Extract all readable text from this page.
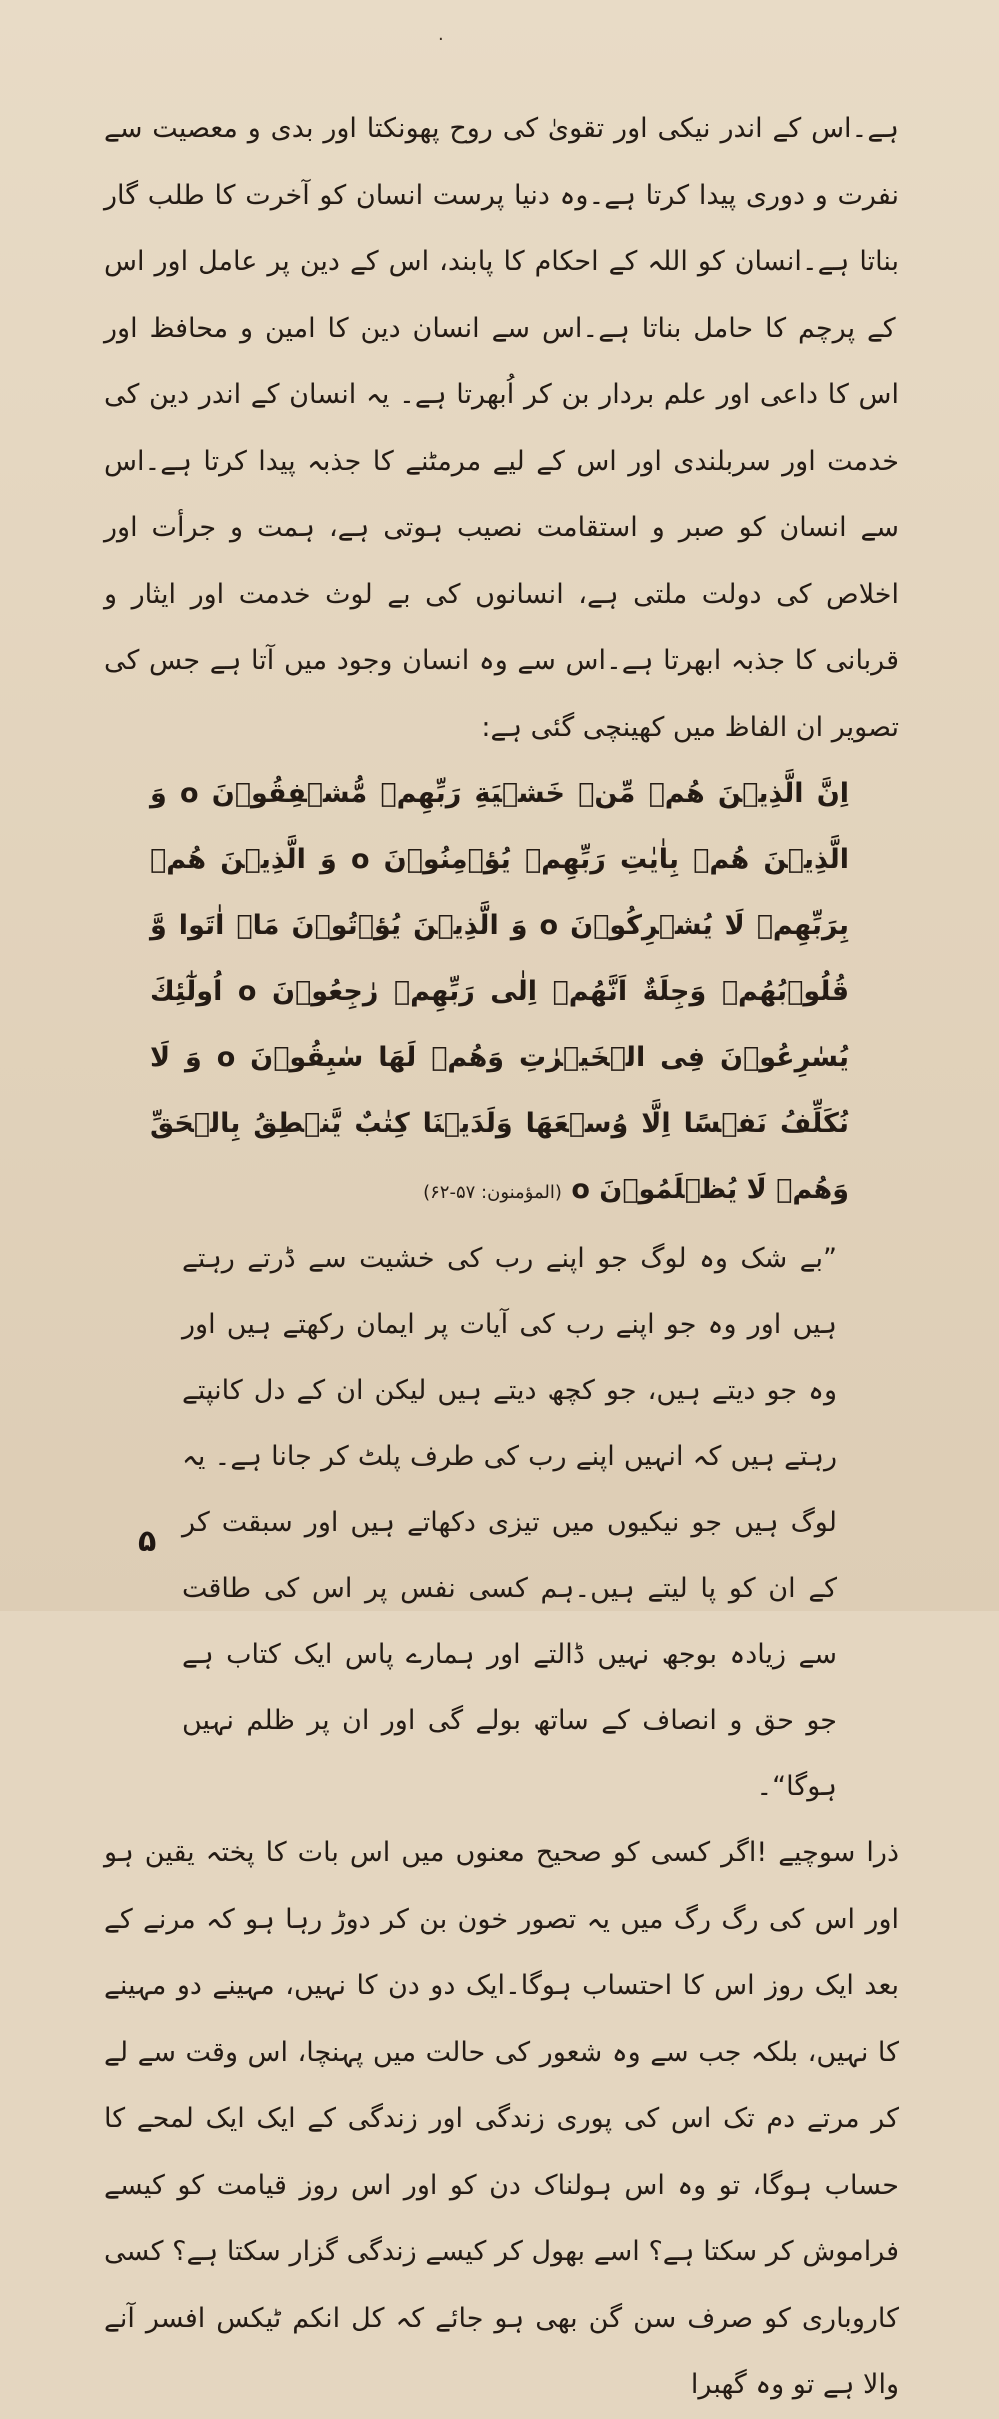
.

ہے۔اس کے اندر نیکی اور تقویٰ کی روح پھونکتا اور بدی و معصیت سے نفرت و دوری پیدا کرتا ہے۔وہ دنیا پرست انسان کو آخرت کا طلب گار بناتا ہے۔انسان کو اللہ کے احکام کا پابند، اس کے دین پر عامل اور اس کے پرچم کا حامل بناتا ہے۔اس سے انسان دین کا امین و محافظ اور اس کا داعی اور علم بردار بن کر اُبھرتا ہے۔ یہ انسان کے اندر دین کی خدمت اور سربلندی اور اس کے لیے مرمٹنے کا جذبہ پیدا کرتا ہے۔اس سے انسان کو صبر و استقامت نصیب ہوتی ہے، ہمت و جرأت اور اخلاص کی دولت ملتی ہے، انسانوں کی بے لوث خدمت اور ایثار و قربانی کا جذبہ ابھرتا ہے۔اس سے وہ انسان وجود میں آتا ہے جس کی تصویر ان الفاظ میں کھینچی گئی ہے:

اِنَّ الَّذِیۡنَ هُمۡ مِّنۡ خَشۡیَةِ رَبِّهِمۡ مُّشۡفِقُوۡنَ o وَ الَّذِیۡنَ هُمۡ بِاٰیٰتِ رَبِّهِمۡ یُؤۡمِنُوۡنَ o وَ الَّذِیۡنَ هُمۡ بِرَبِّهِمۡ لَا یُشۡرِكُوۡنَ o وَ الَّذِیۡنَ یُؤۡتُوۡنَ مَاۤ اٰتَوا وَّ قُلُوۡبُهُمۡ وَجِلَةٌ اَنَّهُمۡ اِلٰی رَبِّهِمۡ رٰجِعُوۡنَ o اُولٰٓئِكَ یُسٰرِعُوۡنَ فِی الۡخَیۡرٰتِ وَهُمۡ لَهَا سٰبِقُوۡنَ o وَ لَا نُكَلِّفُ نَفۡسًا اِلَّا وُسۡعَهَا وَلَدَیۡنَا كِتٰبٌ یَّنۡطِقُ بِالۡحَقِّ وَهُمۡ لَا یُظۡلَمُوۡنَ o (المؤمنون: ۵۷-۶۲)

”بے شک وہ لوگ جو اپنے رب کی خشیت سے ڈرتے رہتے ہیں اور وہ جو اپنے رب کی آیات پر ایمان رکھتے ہیں اور وہ جو دیتے ہیں، جو کچھ دیتے ہیں لیکن ان کے دل کانپتے رہتے ہیں کہ انہیں اپنے رب کی طرف پلٹ کر جانا ہے۔ یہ لوگ ہیں جو نیکیوں میں تیزی دکھاتے ہیں اور سبقت کر کے ان کو پا لیتے ہیں۔ہم کسی نفس پر اس کی طاقت سے زیادہ بوجھ نہیں ڈالتے اور ہمارے پاس ایک کتاب ہے جو حق و انصاف کے ساتھ بولے گی اور ان پر ظلم نہیں ہوگا“۔

ذرا سوچیے !اگر کسی کو صحیح معنوں میں اس بات کا پختہ یقین ہو اور اس کی رگ رگ میں یہ تصور خون بن کر دوڑ رہا ہو کہ مرنے کے بعد ایک روز اس کا احتساب ہوگا۔ایک دو دن کا نہیں، مہینے دو مہینے کا نہیں، بلکہ جب سے وہ شعور کی حالت میں پہنچا، اس وقت سے لے کر مرتے دم تک اس کی پوری زندگی اور زندگی کے ایک ایک لمحے کا حساب ہوگا، تو وہ اس ہولناک دن کو اور اس روز قیامت کو کیسے فراموش کر سکتا ہے؟ اسے بھول کر کیسے زندگی گزار سکتا ہے؟ کسی کاروباری کو صرف سن گن بھی ہو جائے کہ کل انکم ٹیکس افسر آنے والا ہے تو وہ گھبرا

۵
